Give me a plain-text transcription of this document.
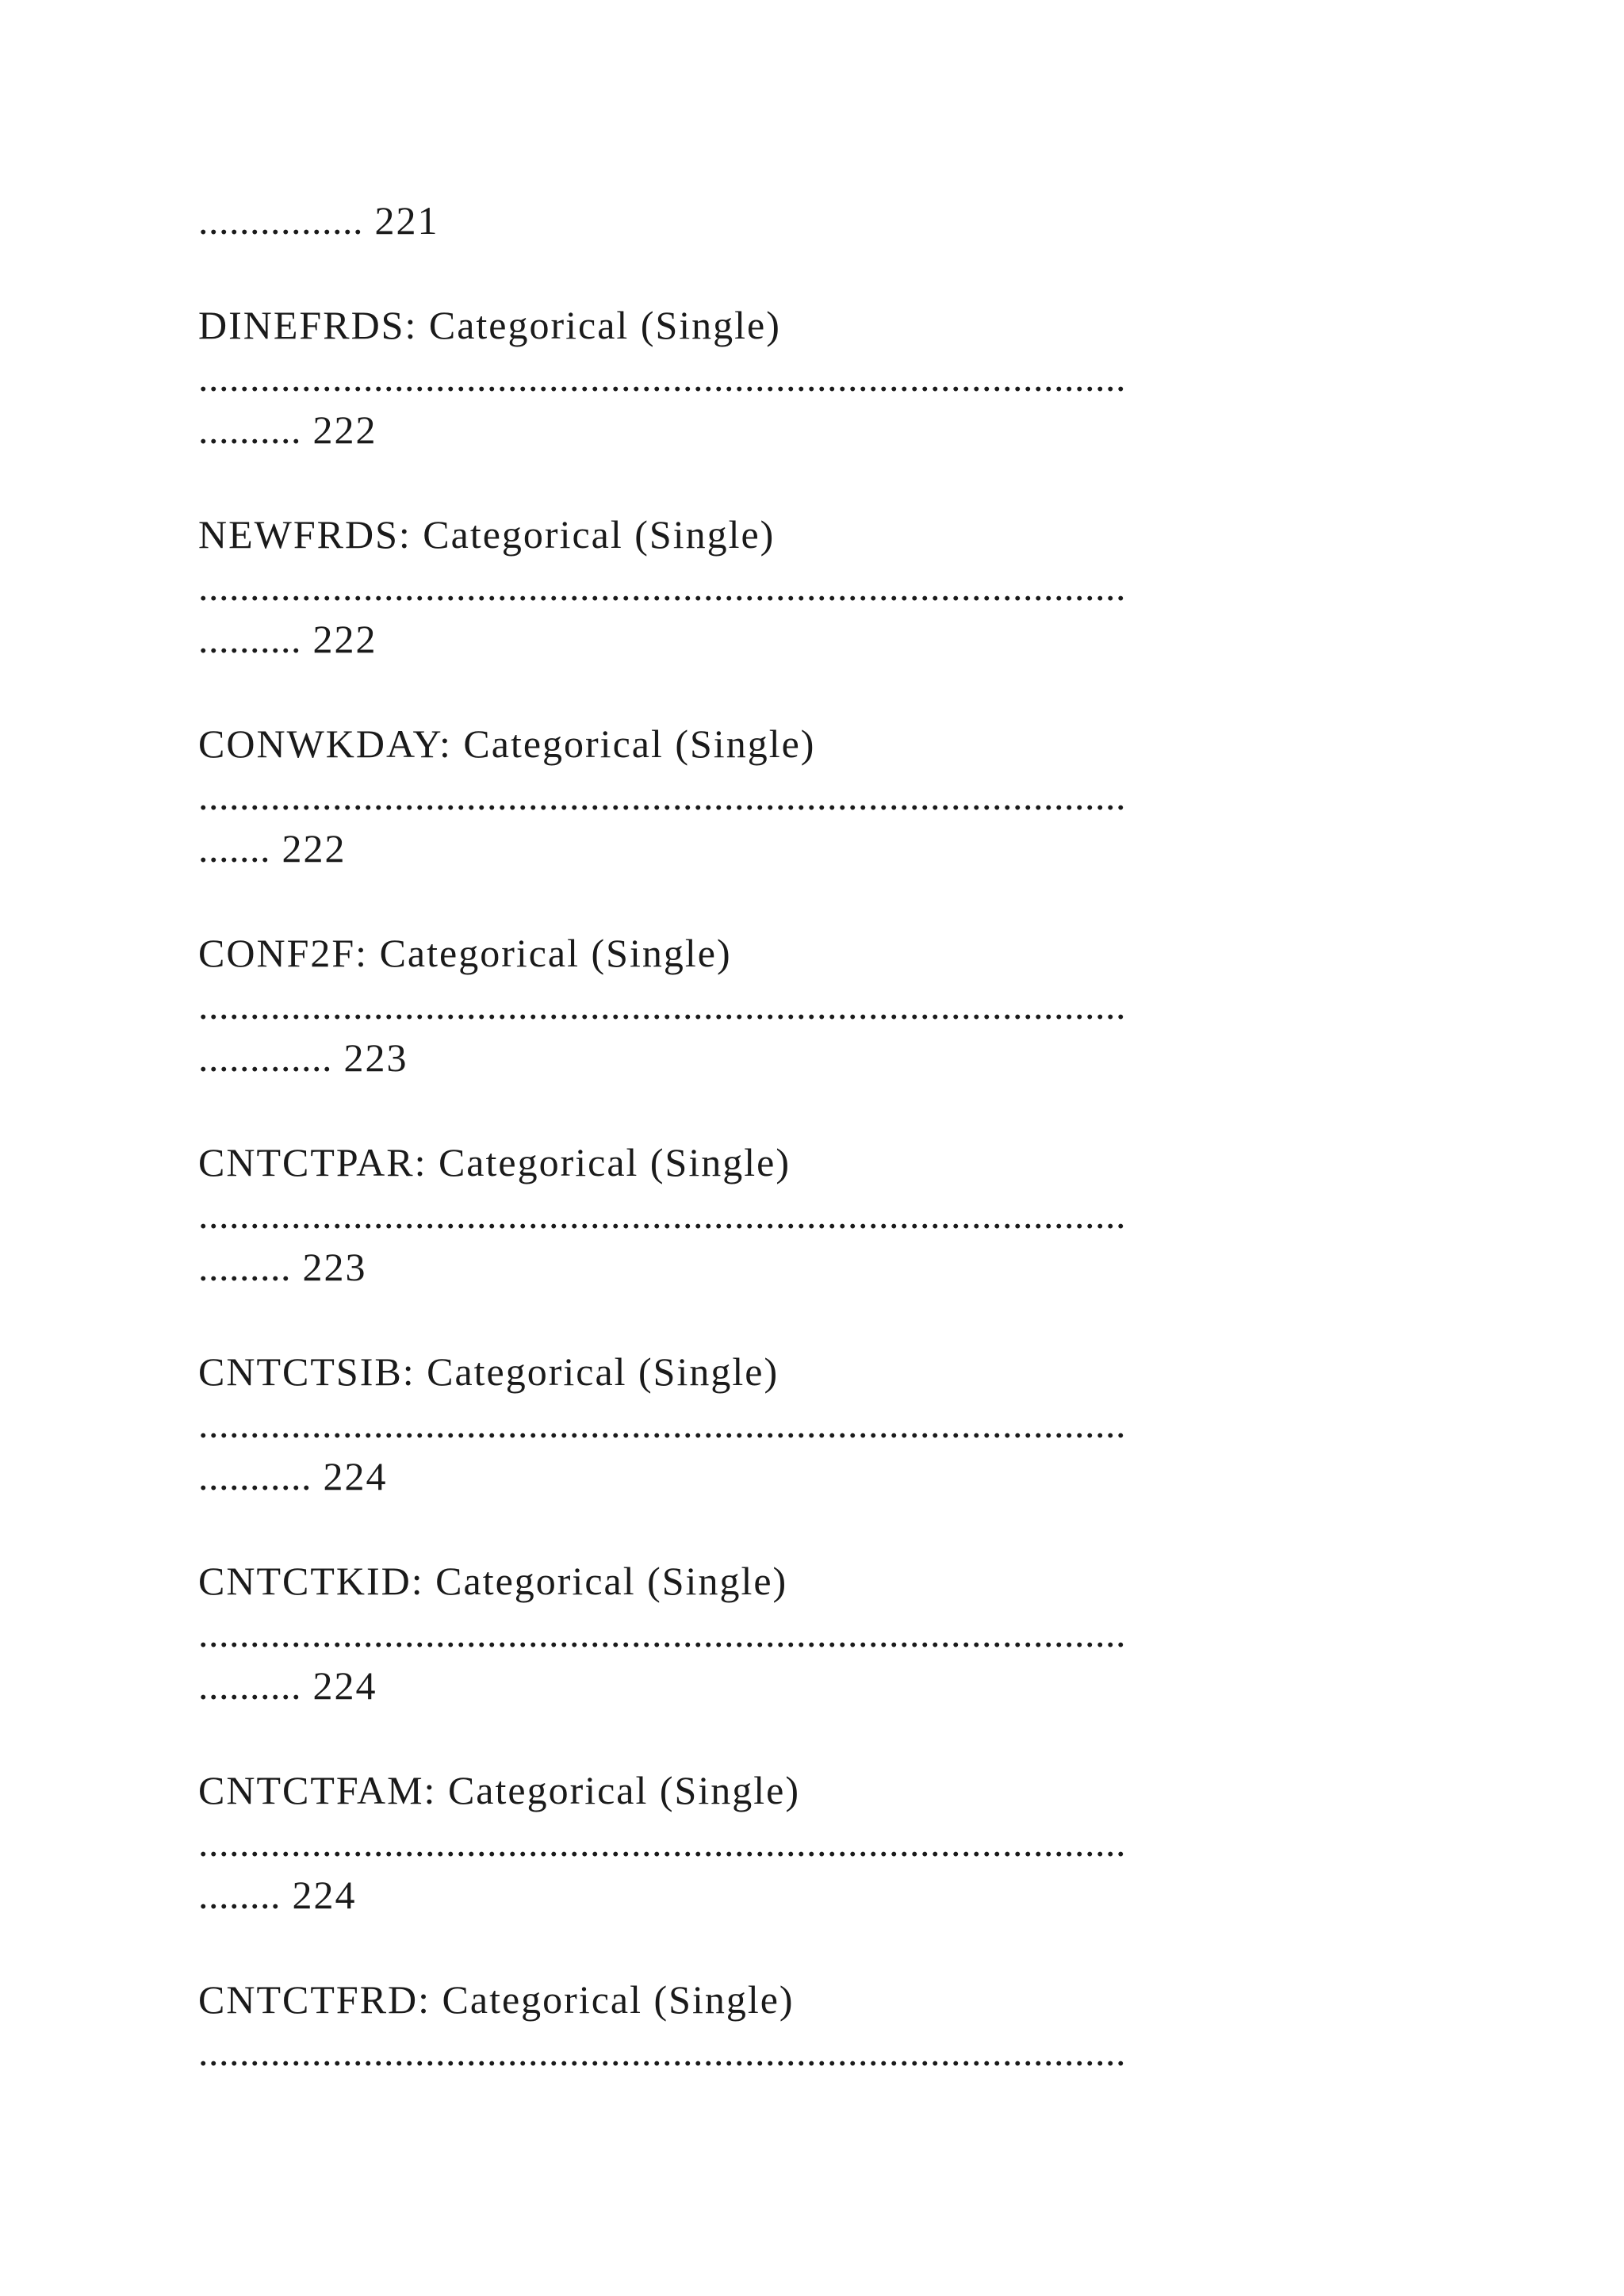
................ 221
DINEFRDS: Categorical (Single)
..........................................................................................
.......... 222
NEWFRDS: Categorical (Single)
..........................................................................................
.......... 222
CONWKDAY: Categorical (Single)
..........................................................................................
....... 222
CONF2F: Categorical (Single)
..........................................................................................
............. 223
CNTCTPAR: Categorical (Single)
..........................................................................................
......... 223
CNTCTSIB: Categorical (Single)
..........................................................................................
........... 224
CNTCTKID: Categorical (Single)
..........................................................................................
.......... 224
CNTCTFAM: Categorical (Single)
..........................................................................................
........ 224
CNTCTFRD: Categorical (Single)
..........................................................................................
